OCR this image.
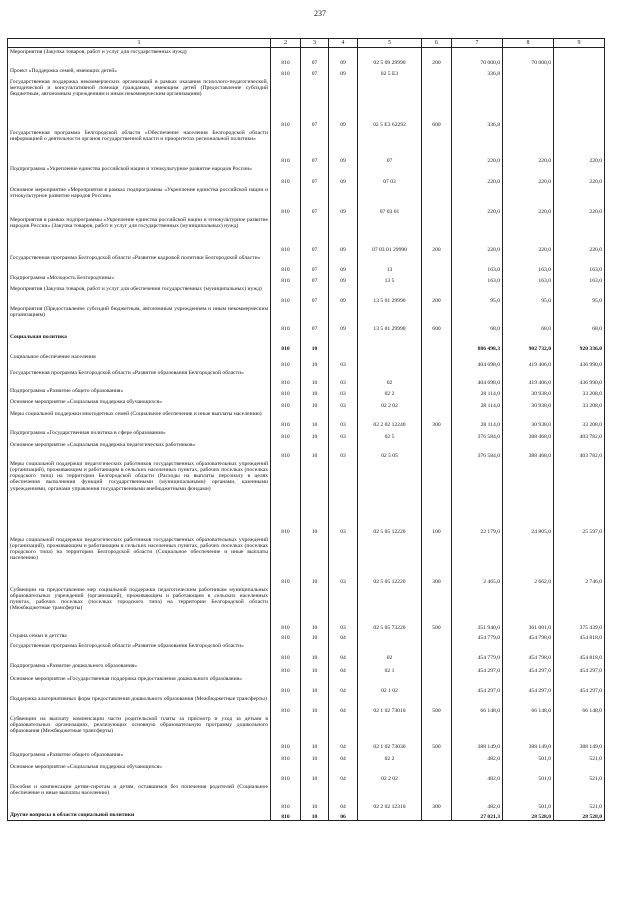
237
1	2	3	4	5	6	7	8	9
Мероприятия (Закупка товаров, работ и услуг для государственных нужд)	810	07	09	02 5 09 29990	200	70 000,0	70 000,0	
Проект «Поддержка семей, имеющих детей»	810	07	09	02 5 Е3		336,8		
Государственная поддержка некоммерческих организаций в рамках оказания психолого-педагогической, методической и консультативной помощи гражданам, имеющим детей (Предоставление субсидий бюджетным, автономным учреждениям и иным некоммерческим организациям)	810	07	09	02 5 Е3 62292	600	336,8		
Государственная программа Белгородской области «Обеспечение населения Белгородской области информацией о деятельности органов государственной власти и приоритетах региональной политики»	810	07	09	07		220,0	220,0	220,0
Подпрограмма «Укрепление единства российской нации и этнокультурное развитие народов России»	810	07	09	07 03		220,0	220,0	220,0
Основное мероприятие «Мероприятия в рамках подпрограммы «Укрепление единства российской нации и этнокультурное развитие народов России»	810	07	09	07 03 01		220,0	220,0	220,0
Мероприятия в рамках подпрограммы «Укрепление единства российской нации и этнокультурное развитие народов России» (Закупка товаров, работ и услуг для государственных (муниципальных) нужд)	810	07	09	07 03 01 29990	200	220,0	220,0	220,0
Государственная программа Белгородской области «Развитие кадровой политики Белгородской области»	810	07	09	13		163,0	163,0	163,0
Подпрограмма «Молодость Белгородчины»	810	07	09	13 5		163,0	163,0	163,0
Мероприятия (Закупка товаров, работ и услуг для обеспечения государственных (муниципальных) нужд)	810	07	09	13 5 01 29990	200	95,0	95,0	95,0
Мероприятия (Предоставление субсидий бюджетным, автономным учреждениям и иным некоммерческим организациям)	810	07	09	13 5 01 29990	600	68,0	68,0	68,0
Социальная политика	810	10				886 498,3	902 732,0	920 336,0
Социальное обеспечение населения	810	10	03			404 698,0	419 406,0	436 990,0
Государственная программа Белгородской области «Развитие образования Белгородской области»	810	10	03	02		404 698,0	419 406,0	436 990,0
Подпрограмма «Развитие общего образования»	810	10	03	02 2		28 114,0	30 938,0	33 208,0
Основное мероприятие «Социальная поддержка обучающихся»	810	10	03	02 2 02		28 114,0	30 938,0	33 208,0
Меры социальной поддержки многодетных семей (Социальное обеспечение и иные выплаты населению)	810	10	03	02 2 02 12240	300	28 114,0	30 938,0	33 208,0
Подпрограмма «Государственная политика в сфере образования»	810	10	03	02 5		376 584,0	388 468,0	403 782,0
Основное мероприятие «Социальная поддержка педагогических работников»	810	10	03	02 5 05		376 584,0	388 468,0	403 782,0
Меры социальной поддержки педагогических работников государственных образовательных учреждений (организаций), проживающим и работающим в сельских населенных пунктах, рабочих поселках (поселках городского типа) на территории Белгородской области (Расходы на выплаты персоналу в целях обеспечения выполнения функций государственными (муниципальными) органами, казенными учреждениями, органами управления государственными внебюджетными фондами)	810	10	03	02 5 05 12220	100	22 179,0	24 805,0	25 597,0
Меры социальной поддержки педагогических работников государственных образовательных учреждений (организаций), проживающим и работающим в сельских населенных пунктах, рабочих поселках (поселках городского типа) на территории Белгородской области (Социальное обеспечение и иные выплаты населению)	810	10	03	02 5 05 12220	300	2 465,0	2 662,0	2 746,0
Субвенции на предоставление мер социальной поддержки педагогическим работникам муниципальных образовательных учреждений (организаций), проживающим и работающим в сельских населенных пунктах, рабочих поселках (поселках городского типа) на территории Белгородской области (Межбюджетные трансферты)	810	10	03	02 5 05 73220	500	351 940,0	361 001,0	375 439,0
Охрана семьи и детства	810	10	04			454 779,0	454 798,0	454 818,0
Государственная программа Белгородской области «Развитие образования Белгородской области»	810	10	04	02		454 779,0	454 798,0	454 818,0
Подпрограмма «Развитие дошкольного образования»	810	10	04	02 1		454 297,0	454 297,0	454 297,0
Основное мероприятие «Государственная поддержка предоставления дошкольного образования»	810	10	04	02 1 02		454 297,0	454 297,0	454 297,0
Поддержка альтернативных форм предоставления дошкольного образования (Межбюджетные трансферты)	810	10	04	02 1 02 73010	500	66 148,0	66 148,0	66 148,0
Субвенции на выплату компенсации части родительской платы за присмотр и уход за детьми в образовательных организациях, реализующих основную образовательную программу дошкольного образования (Межбюджетные трансферты)	810	10	04	02 1 02 73030	500	388 149,0	388 149,0	388 149,0
Подпрограмма «Развитие общего образования»	810	10	04	02 2		482,0	501,0	521,0
Основное мероприятие «Социальная поддержка обучающихся»	810	10	04	02 2 02		482,0	501,0	521,0
Пособия и компенсации детям-сиротам и детям, оставшимся без попечения родителей (Социальное обеспечение и иные выплаты населению)	810	10	04	02 2 02 12310	300	482,0	501,0	521,0
Другие вопросы в области социальной политики	810	10	06			27 021,3	28 528,0	28 528,0
